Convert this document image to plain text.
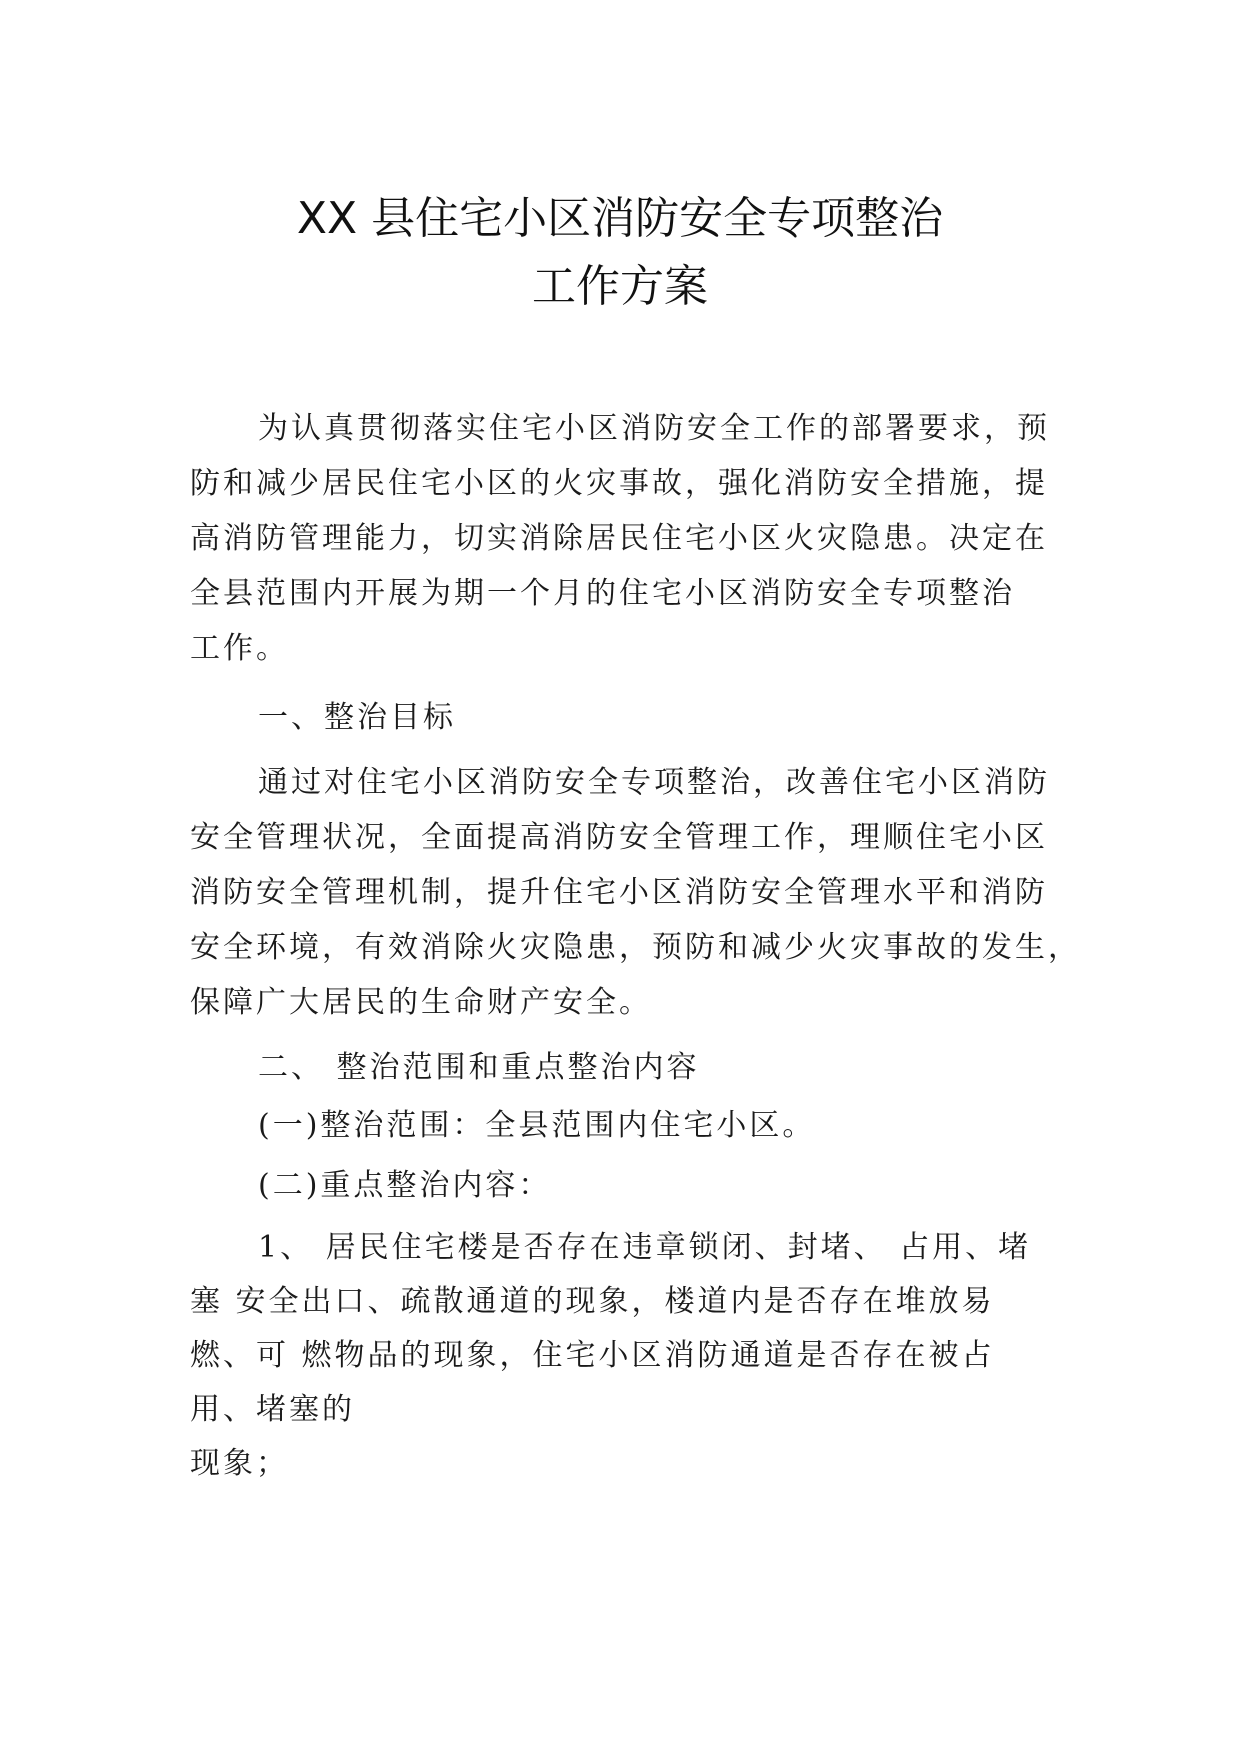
XX 县住宅小区消防安全专项整治
工作方案
为认真贯彻落实住宅小区消防安全工作的部署要求，预
防和减少居民住宅小区的火灾事故，强化消防安全措施，提
高消防管理能力，切实消除居民住宅小区火灾隐患。决定在
全县范围内开展为期一个月的住宅小区消防安全专项整治
工作。
一、整治目标
通过对住宅小区消防安全专项整治，改善住宅小区消防
安全管理状况，全面提高消防安全管理工作，理顺住宅小区
消防安全管理机制，提升住宅小区消防安全管理水平和消防
安全环境，有效消除火灾隐患，预防和减少火灾事故的发生，
保障广大居民的生命财产安全。
二、 整治范围和重点整治内容
(一)整治范围：全县范围内住宅小区。
(二)重点整治内容：
1、 居民住宅楼是否存在违章锁闭、封堵、 占用、堵
塞 安全出口、疏散通道的现象，楼道内是否存在堆放易
燃、可 燃物品的现象，住宅小区消防通道是否存在被占
用、堵塞的
现象；
